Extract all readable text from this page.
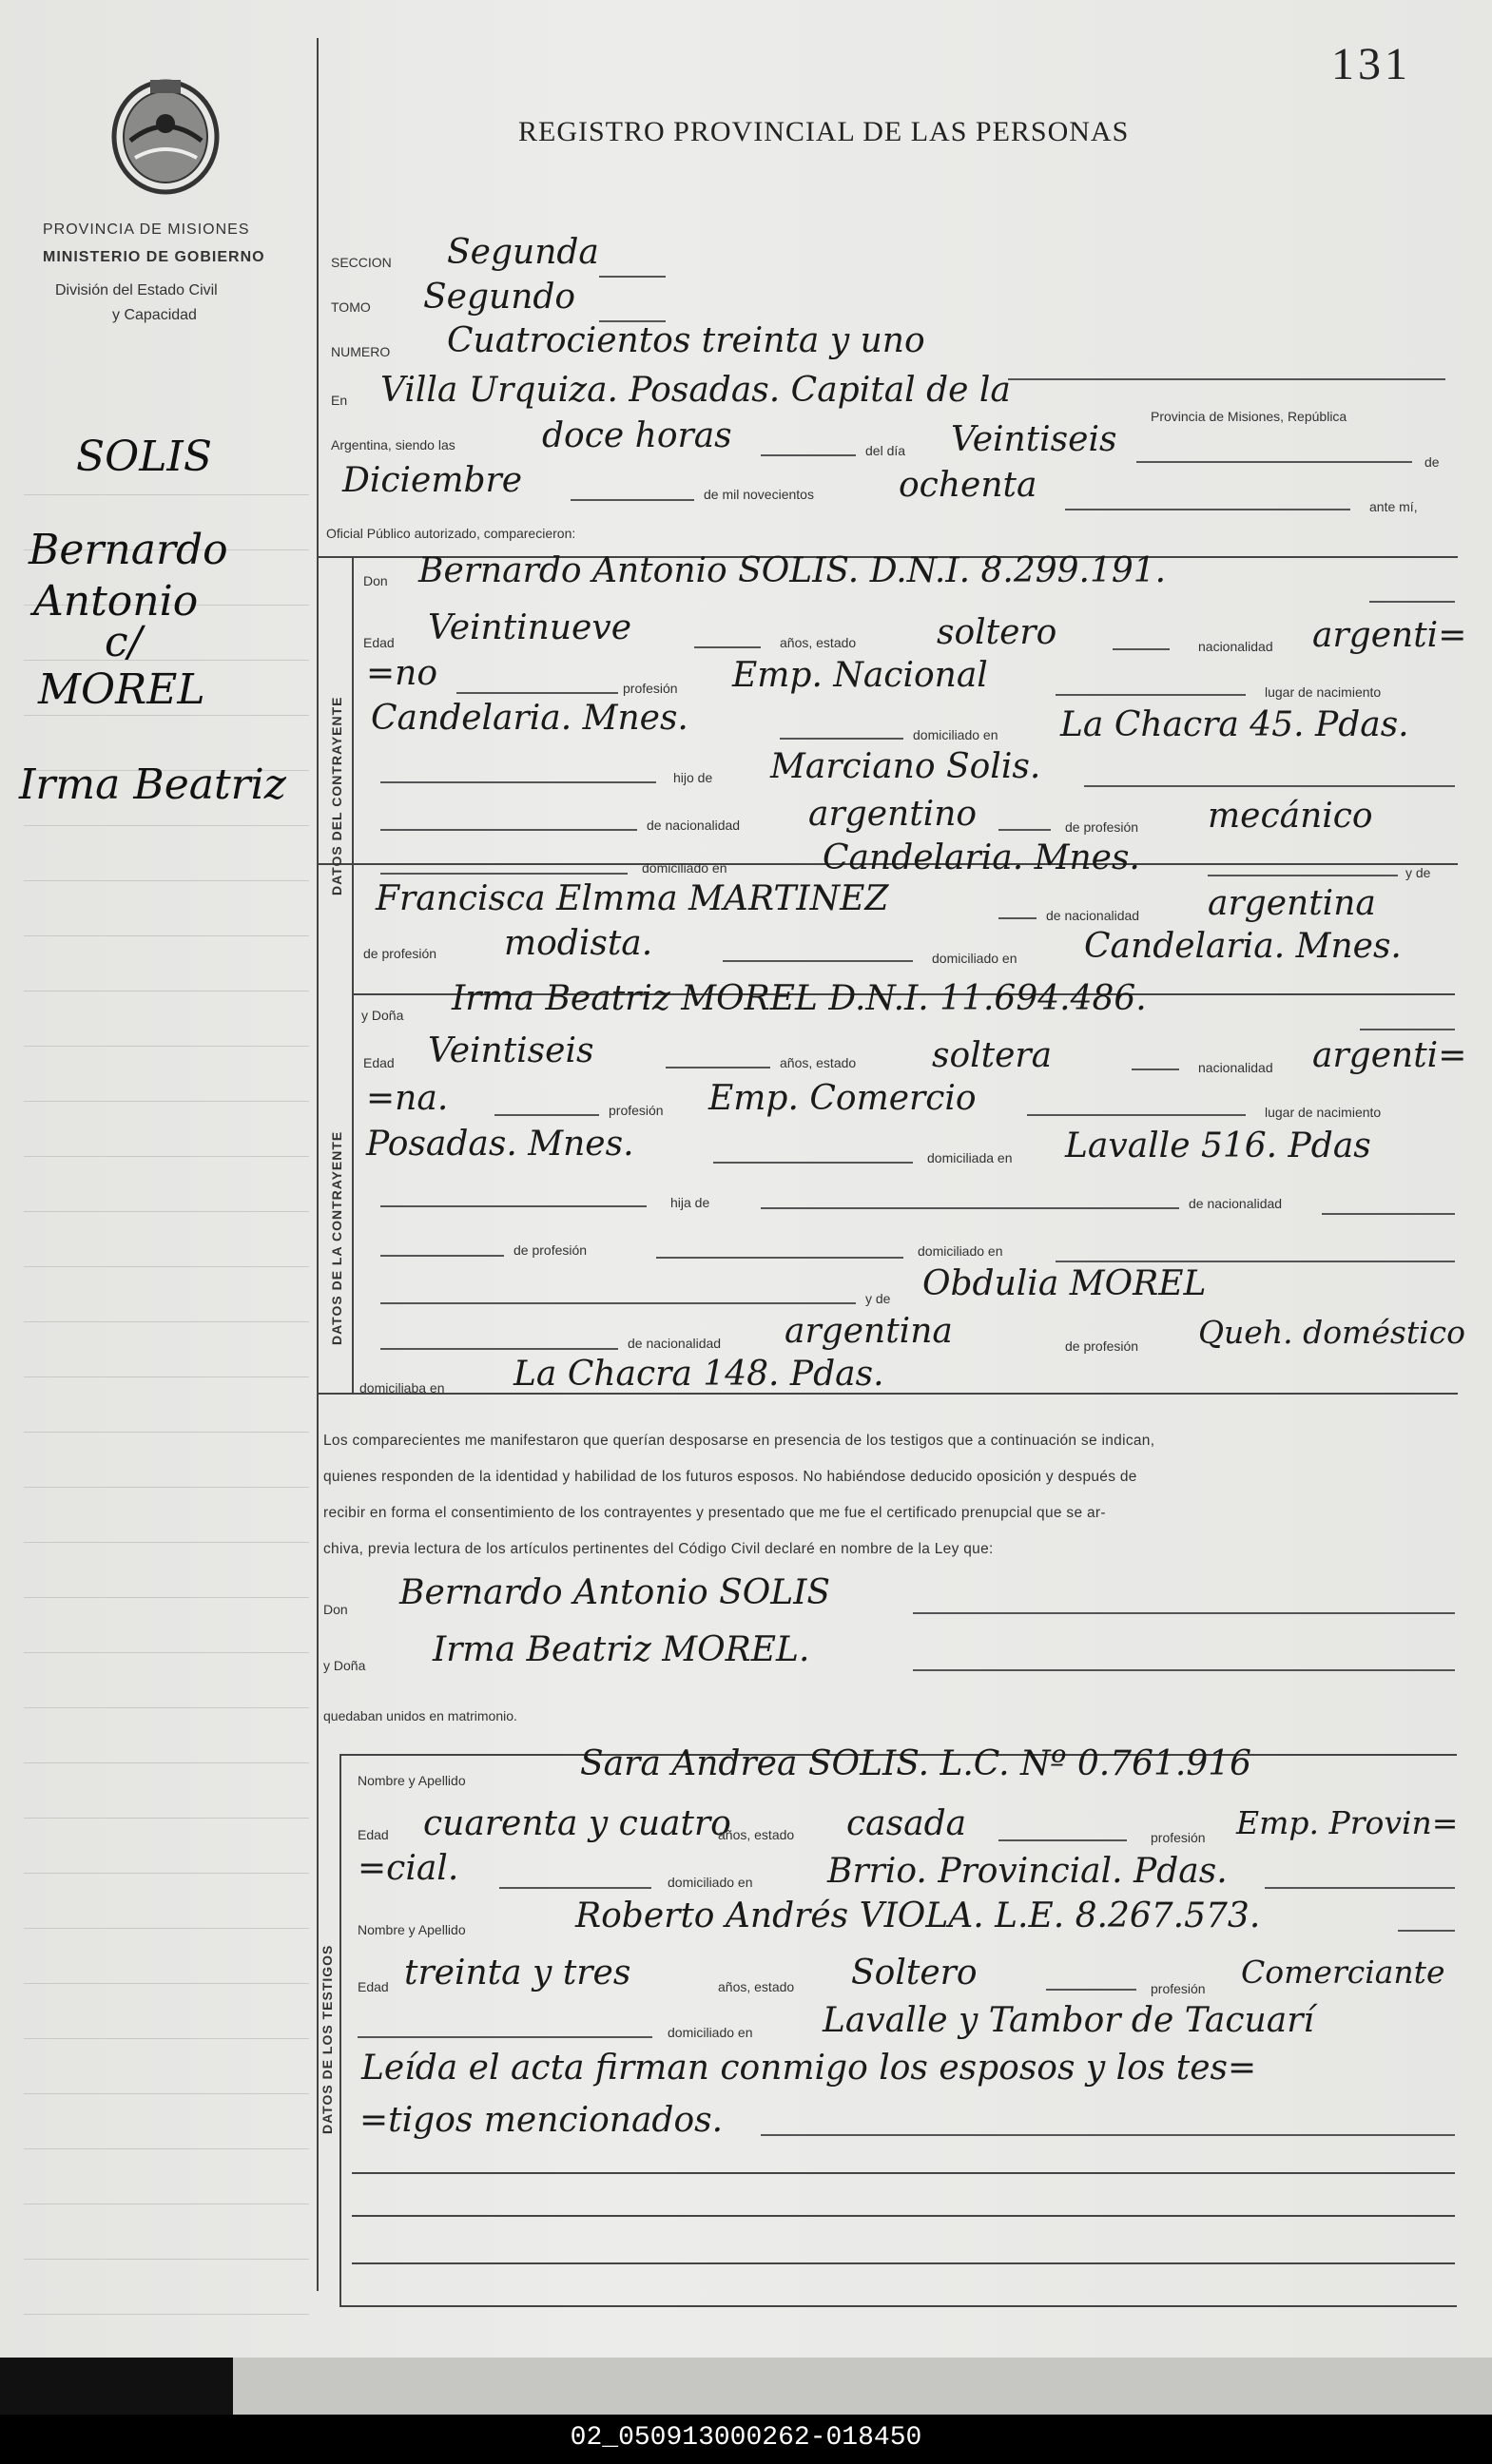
PROVINCIA DE MISIONES
MINISTERIO DE GOBIERNO
División del Estado Civil
y Capacidad
131
REGISTRO PROVINCIAL DE LAS PERSONAS
SOLIS
Bernardo
Antonio
c/
MOREL
Irma Beatriz
SECCION Segunda
TOMO Segundo
NUMERO Cuatrocientos treinta y uno
En Villa Urquiza. Posadas. Capital de la
Provincia de Misiones, República
Argentina, siendo las	doce horas	del día Veintiseis
de
Diciembre	de mil novecientos ochenta
ante mí,
Oficial Público autorizado, comparecieron:
DATOS DEL CONTRAYENTE
DATOS DE LA CONTRAYENTE
DATOS DE LOS TESTIGOS
Don Bernardo Antonio SOLIS. D.N.I. 8.299.191.
Edad Veintinueve	años, estado soltero	nacionalidad argenti=
=no	profesión Emp. Nacional	lugar de nacimiento
Candelaria. Mnes.	domiciliado en La Chacra 45. Pdas.
hijo de Marciano Solis.
de nacionalidad argentino	de profesión mecánico
domiciliado en	Candelaria. Mnes.	y de
Francisca Elmma MARTINEZ	de nacionalidad argentina
de profesión modista.	domiciliado en Candelaria. Mnes.
y Doña Irma Beatriz MOREL D.N.I. 11.694.486.
Edad Veintiseis	años, estado soltera	nacionalidad argenti=
=na.	profesión Emp. Comercio	lugar de nacimiento
Posadas. Mnes.	domiciliada en Lavalle 516. Pdas
hija de	de nacionalidad
de profesión	domiciliado en
y de Obdulia MOREL
de nacionalidad argentina	de profesión Queh. doméstico
domiciliaba en La Chacra 148. Pdas.
Los comparecientes me manifestaron que querían desposarse en presencia de los testigos que a continuación se indican,
quienes responden de la identidad y habilidad de los futuros esposos. No habiéndose deducido oposición y después de
recibir en forma el consentimiento de los contrayentes y presentado que me fue el certificado prenupcial que se ar-
chiva, previa lectura de los artículos pertinentes del Código Civil declaré en nombre de la Ley que:
Don Bernardo Antonio SOLIS
y Doña Irma Beatriz MOREL.
quedaban unidos en matrimonio.
Nombre y Apellido	Sara Andrea SOLIS. L.C. Nº 0.761.916
Edad cuarenta y cuatro
años, estado casada	profesión Emp. Provin=
=cial.	domiciliado en Brrio. Provincial. Pdas.
Nombre y Apellido	Roberto Andrés VIOLA. L.E. 8.267.573.
Edad treinta y tres	años, estado Soltero	profesión Comerciante
domiciliado en Lavalle y Tambor de Tacuarí
Leída el acta firman conmigo los esposos y los tes=
=tigos mencionados.
02_050913000262-018450
